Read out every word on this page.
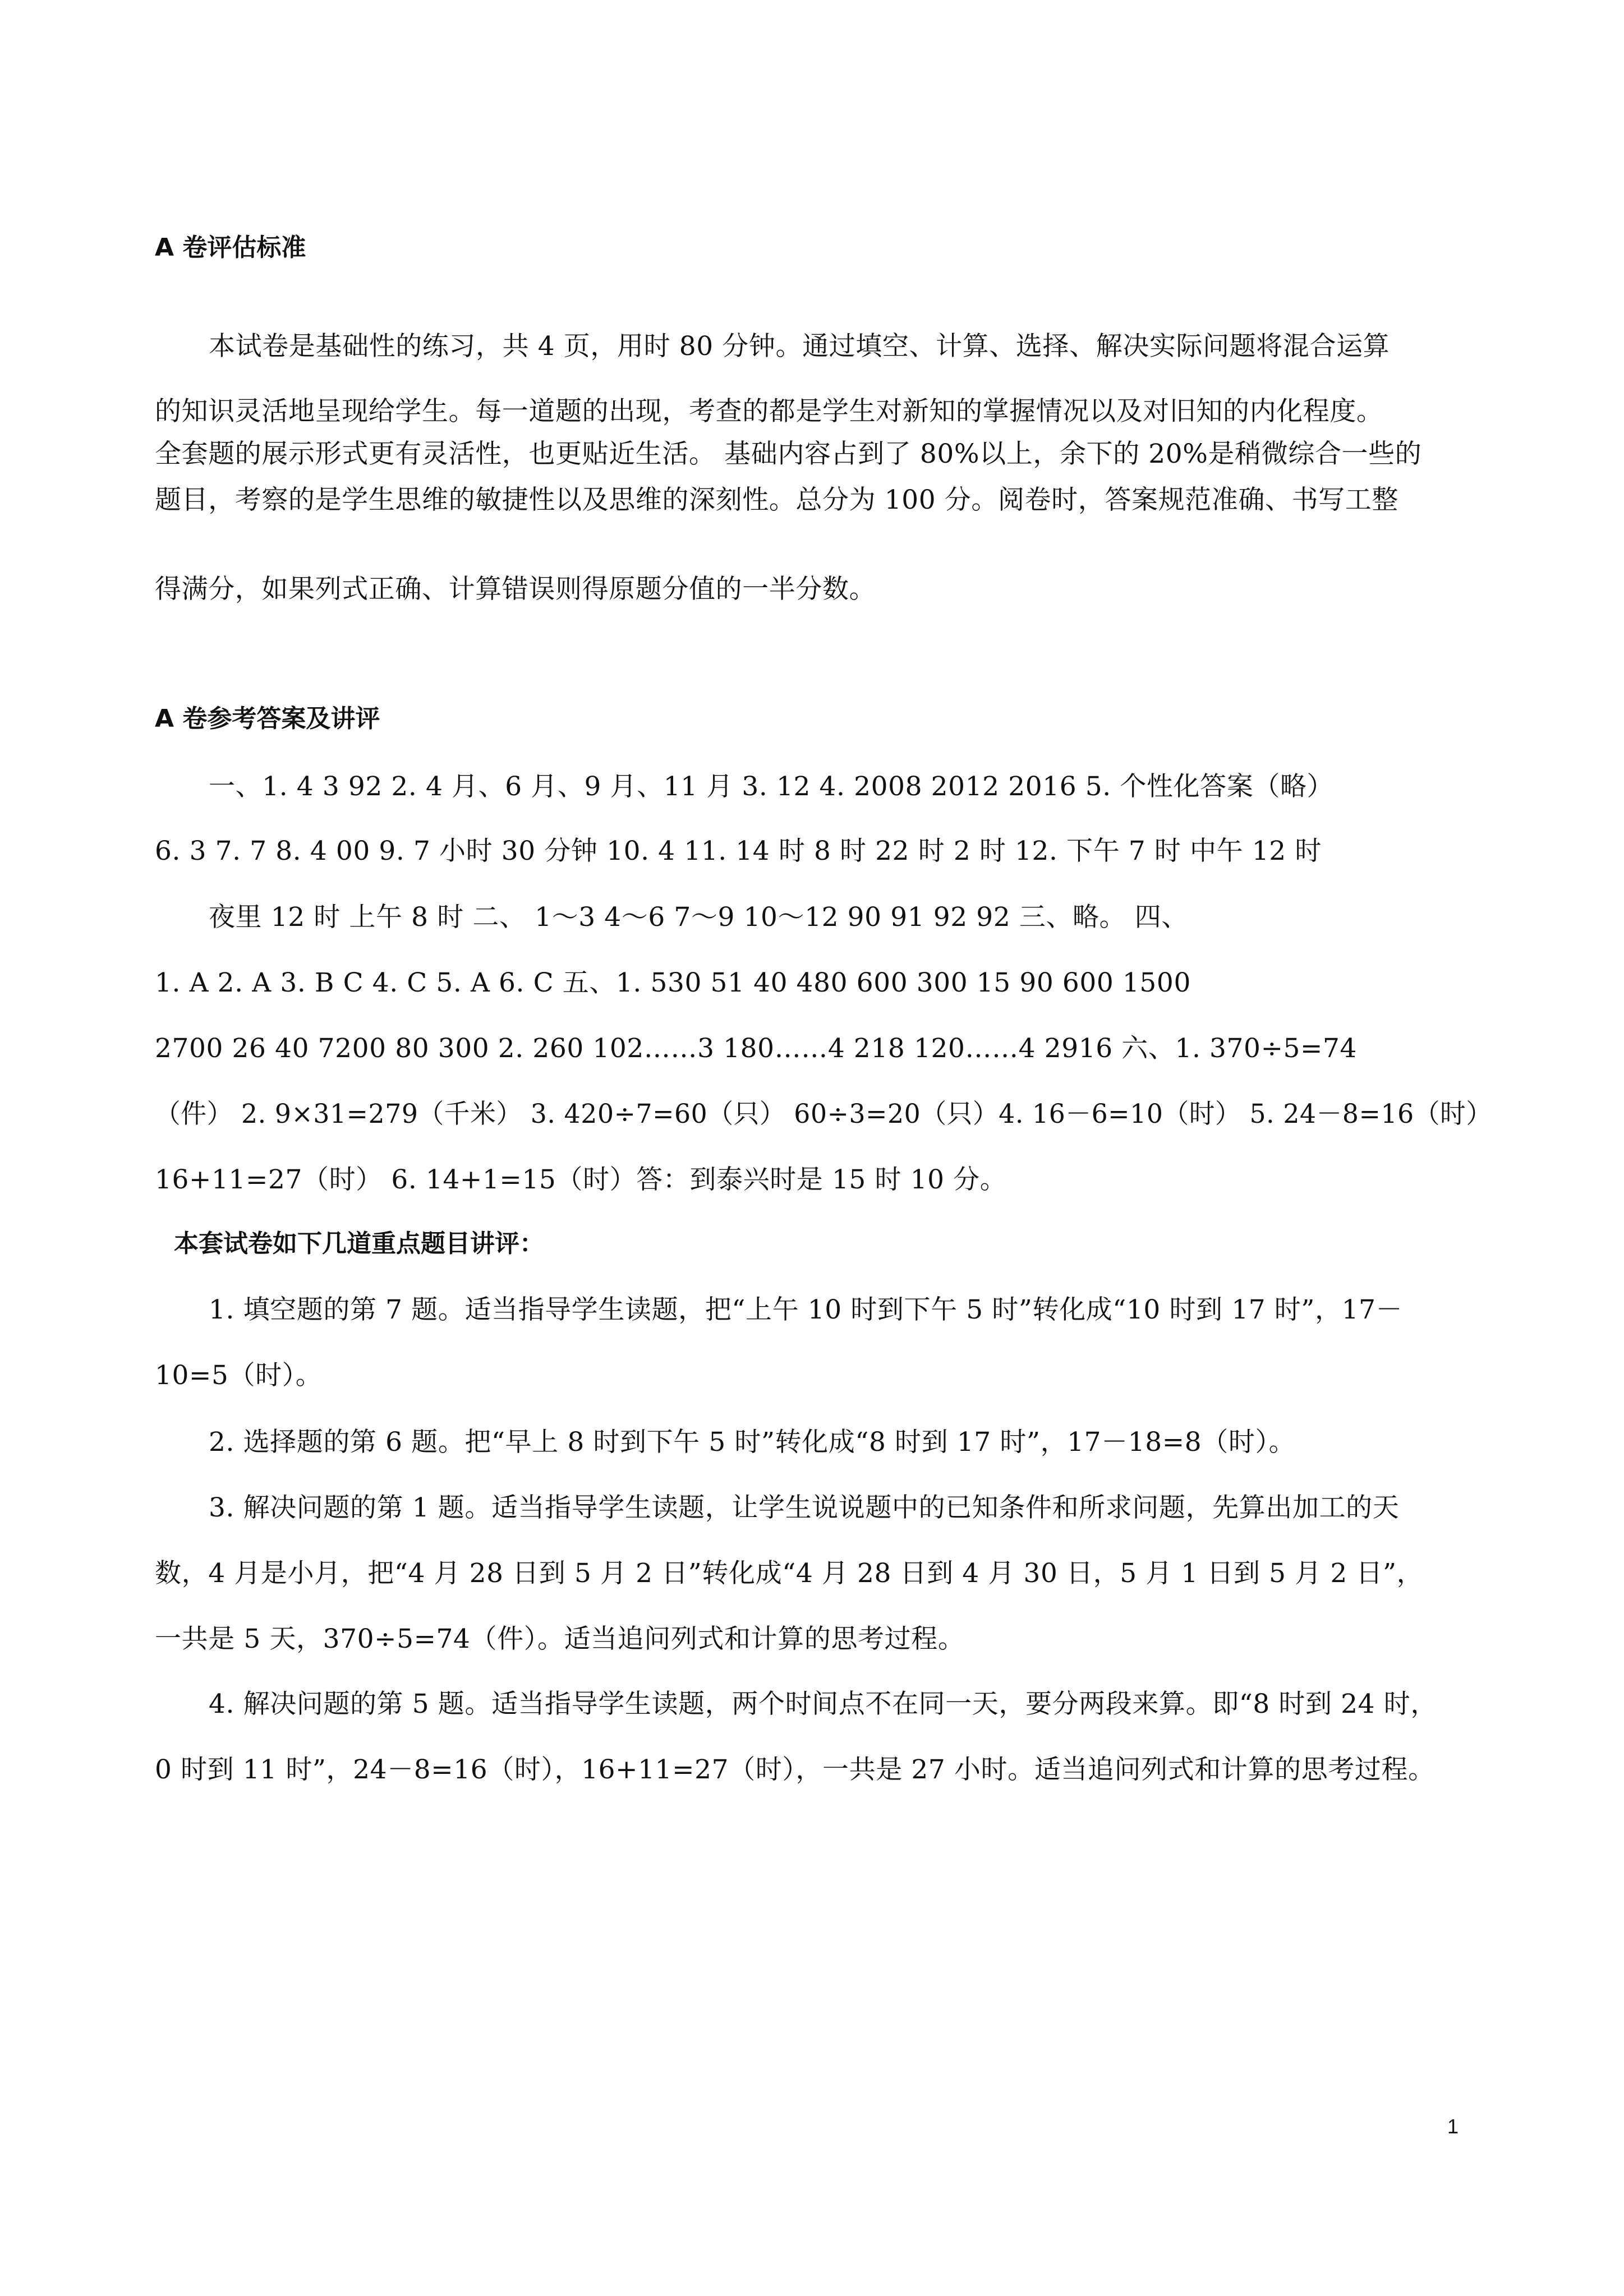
A 卷评估标准
本试卷是基础性的练习，共 4 页，用时 80 分钟。通过填空、计算、选择、解决实际问题将混合运算
的知识灵活地呈现给学生。每一道题的出现，考查的都是学生对新知的掌握情况以及对旧知的内化程度。
全套题的展示形式更有灵活性，也更贴近生活。 基础内容占到了 80%以上，余下的 20%是稍微综合一些的
题目，考察的是学生思维的敏捷性以及思维的深刻性。总分为 100 分。阅卷时，答案规范准确、书写工整
得满分，如果列式正确、计算错误则得原题分值的一半分数。
A 卷参考答案及讲评
一、1. 4 3 92 2. 4 月、6 月、9 月、11 月 3. 12 4. 2008 2012 2016 5. 个性化答案（略）
6. 3 7. 7 8. 4 00 9. 7 小时 30 分钟 10. 4 11. 14 时 8 时 22 时 2 时 12. 下午 7 时 中午 12 时
夜里 12 时 上午 8 时 二、 1～3 4～6 7～9 10～12 90 91 92 92 三、略。 四、
1. A 2. A 3. B C 4. C 5. A 6. C 五、1. 530 51 40 480 600 300 15 90 600 1500
2700 26 40 7200 80 300 2. 260 102……3 180……4 218 120……4 2916 六、1. 370÷5=74
（件） 2. 9×31=279（千米） 3. 420÷7=60（只） 60÷3=20（只）4. 16－6=10（时） 5. 24－8=16（时）
16+11=27（时） 6. 14+1=15（时）答：到泰兴时是 15 时 10 分。
本套试卷如下几道重点题目讲评：
1. 填空题的第 7 题。适当指导学生读题，把“上午 10 时到下午 5 时”转化成“10 时到 17 时”，17－
10=5（时）。
2. 选择题的第 6 题。把“早上 8 时到下午 5 时”转化成“8 时到 17 时”，17－18=8（时）。
3. 解决问题的第 1 题。适当指导学生读题，让学生说说题中的已知条件和所求问题，先算出加工的天
数，4 月是小月，把“4 月 28 日到 5 月 2 日”转化成“4 月 28 日到 4 月 30 日，5 月 1 日到 5 月 2 日”，
一共是 5 天，370÷5=74（件）。适当追问列式和计算的思考过程。
4. 解决问题的第 5 题。适当指导学生读题，两个时间点不在同一天，要分两段来算。即“8 时到 24 时，
0 时到 11 时”，24－8=16（时），16+11=27（时），一共是 27 小时。适当追问列式和计算的思考过程。
1
